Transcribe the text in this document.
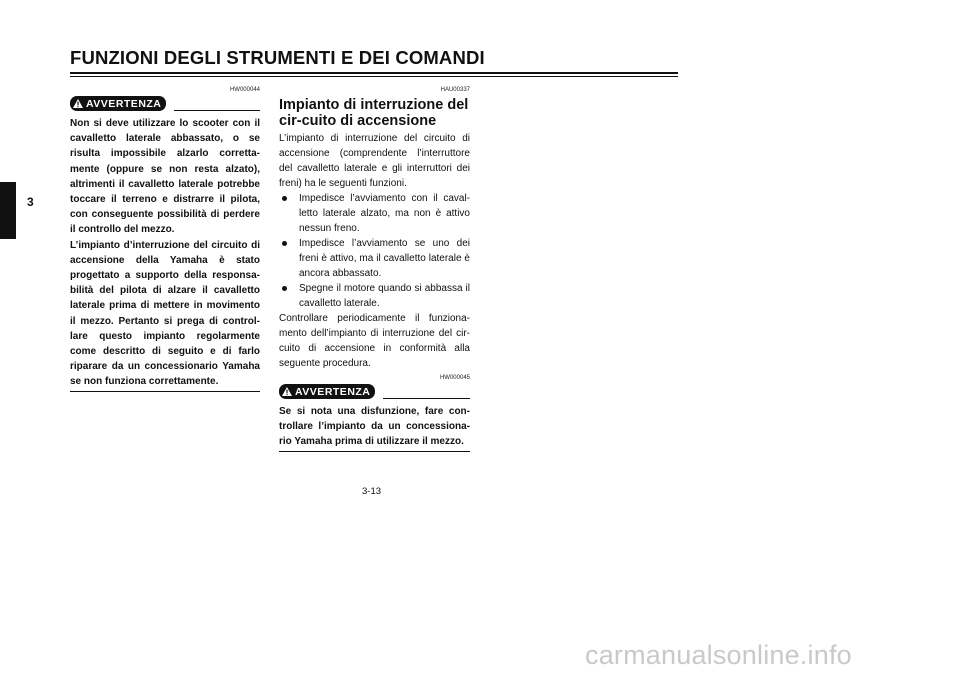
FUNZIONI DEGLI STRUMENTI E DEI COMANDI
3
HW000044
AVVERTENZA

Non si deve utilizzare lo scooter con il cavalletto laterale abbassato, o se risulta impossibile alzarlo corretta-mente (oppure se non resta alzato), altrimenti il cavalletto laterale potrebbe toccare il terreno e distrarre il pilota, con conseguente possibilità di perdere il controllo del mezzo.

L’impianto d’interruzione del circuito di accensione della Yamaha è stato progettato a supporto della responsa-bilità del pilota di alzare il cavalletto laterale prima di mettere in movimento il mezzo. Pertanto si prega di control-lare questo impianto regolarmente come descritto di seguito e di farlo riparare da un concessionario Yamaha se non funziona correttamente.

HAU00337
Impianto di interruzione del cir-cuito di accensione

L’impianto di interruzione del circuito di accensione (comprendente l’interruttore del cavalletto laterale e gli interruttori dei freni) ha le seguenti funzioni.

Impedisce l’avviamento con il caval-letto laterale alzato, ma non è attivo nessun freno.
Impedisce l’avviamento se uno dei freni è attivo, ma il cavalletto laterale è ancora abbassato.
Spegne il motore quando si abbassa il cavalletto laterale.

Controllare periodicamente il funziona-mento dell’impianto di interruzione del cir-cuito di accensione in conformità alla seguente procedura.

HW000045
AVVERTENZA

Se si nota una disfunzione, fare con-trollare l’impianto da un concessiona-rio Yamaha prima di utilizzare il mezzo.

3-13
carmanualsonline.info
